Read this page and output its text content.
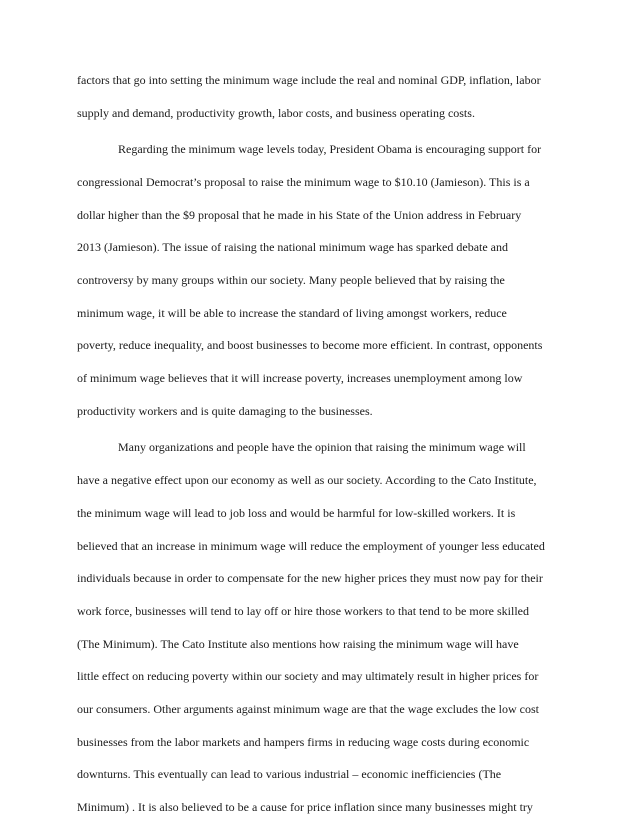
factors that go into setting the minimum wage include the real and nominal GDP, inflation, labor
supply and demand, productivity growth, labor costs, and business operating costs.
Regarding the minimum wage levels today, President Obama is encouraging support for
congressional Democrat’s proposal to raise the minimum wage to $10.10 (Jamieson). This is a
dollar higher than the $9 proposal that he made in his State of the Union address in February
2013 (Jamieson). The issue of raising the national minimum wage has sparked debate and
controversy by many groups within our society. Many people believed that by raising the
minimum wage, it will be able to increase the standard of living amongst workers, reduce
poverty, reduce inequality, and boost businesses to become more efficient. In contrast, opponents
of minimum wage believes that it will increase poverty, increases unemployment among low
productivity workers and is quite damaging to the businesses.
Many organizations and people have the opinion that raising the minimum wage will
have a negative effect upon our economy as well as our society. According to the Cato Institute,
the minimum wage will lead to job loss and would be harmful for low-skilled workers. It is
believed that an increase in minimum wage will reduce the employment of younger less educated
individuals because in order to compensate for the new higher prices they must now pay for their
work force, businesses will tend to lay off or hire those workers to that tend to be more skilled
(The Minimum). The Cato Institute also mentions how raising the minimum wage will have
little effect on reducing poverty within our society and may ultimately result in higher prices for
our consumers. Other arguments against minimum wage are that the wage excludes the low cost
businesses from the labor markets and hampers firms in reducing wage costs during economic
downturns. This eventually can lead to various industrial – economic inefficiencies (The
Minimum) . It is also believed to be a cause for price inflation since many businesses might try
